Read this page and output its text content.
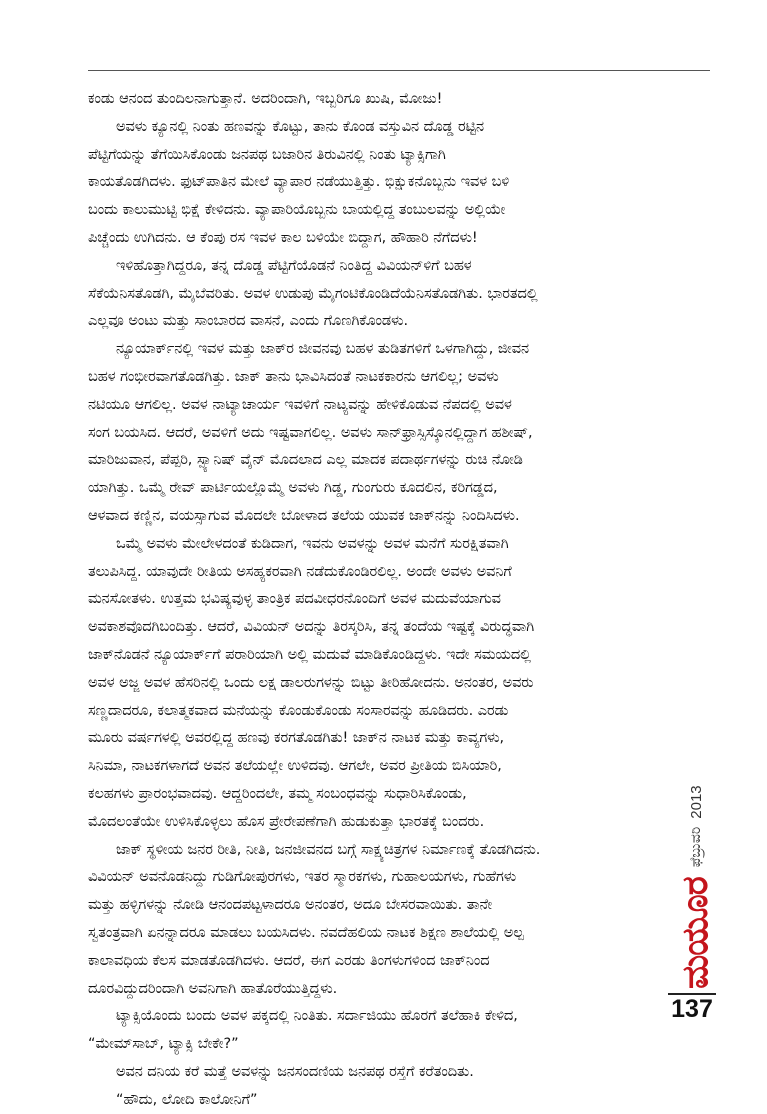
ಕಂಡು ಆನಂದ ತುಂದಿಲನಾಗುತ್ತಾನೆ. ಅದರಿಂದಾಗಿ, ಇಬ್ಬರಿಗೂ ಖುಷಿ, ಮೋಜು!
ಅವಳು ಕ್ಯೂನಲ್ಲಿ ನಿಂತು ಹಣವನ್ನು ಕೊಟ್ಟು, ತಾನು ಕೊಂಡ ವಸ್ತುವಿನ ದೊಡ್ಡ ರಟ್ಟಿನ
ಪೆಟ್ಟಿಗೆಯನ್ನು ತೆಗೆಯಿಸಿಕೊಂಡು ಜನಪಥ ಬಜಾರಿನ ತಿರುವಿನಲ್ಲಿ ನಿಂತು ಟ್ಯಾಕ್ಸಿಗಾಗಿ
ಕಾಯತೊಡಗಿದಳು. ಫುಟ್‌ಪಾತಿನ ಮೇಲೆ ವ್ಯಾಪಾರ ನಡೆಯುತ್ತಿತ್ತು. ಭಿಕ್ಷುಕನೊಬ್ಬನು ಇವಳ ಬಳಿ
ಬಂದು ಕಾಲುಮುಟ್ಟಿ ಭಿಕ್ಷೆ ಕೇಳಿದನು. ವ್ಯಾಪಾರಿಯೊಬ್ಬನು ಬಾಯಲ್ಲಿದ್ದ ತಂಬುಲವನ್ನು ಅಲ್ಲಿಯೇ
ಪಿಚ್ಚೆಂದು ಉಗಿದನು. ಆ ಕೆಂಪು ರಸ ಇವಳ ಕಾಲ ಬಳಿಯೇ ಬಿದ್ದಾಗ, ಹೌಹಾರಿ ನೆಗೆದಳು!
ಇಳಿಹೊತ್ತಾಗಿದ್ದರೂ, ತನ್ನ ದೊಡ್ಡ ಪೆಟ್ಟಿಗೆಯೊಡನೆ ನಿಂತಿದ್ದ ವಿವಿಯನ್‌ಳಿಗೆ ಬಹಳ
ಸೆಕೆಯೆನಿಸತೊಡಗಿ, ಮೈಬೆವರಿತು. ಅವಳ ಉಡುಪು ಮೈಗಂಟಿಕೊಂಡಿದೆಯೆನಿಸತೊಡಗಿತು. ಭಾರತದಲ್ಲಿ
ಎಲ್ಲವೂ ಅಂಟು ಮತ್ತು ಸಾಂಬಾರದ ವಾಸನೆ, ಎಂದು ಗೊಣಗಿಕೊಂಡಳು.
ನ್ಯೂಯಾರ್ಕ್‌ನಲ್ಲಿ ಇವಳ ಮತ್ತು ಜಾಕ್‌ರ ಜೀವನವು ಬಹಳ ತುಡಿತಗಳಿಗೆ ಒಳಗಾಗಿದ್ದು, ಜೀವನ
ಬಹಳ ಗಂಭೀರವಾಗತೊಡಗಿತ್ತು. ಜಾಕ್ ತಾನು ಭಾವಿಸಿದಂತೆ ನಾಟಕಕಾರನು ಆಗಲಿಲ್ಲ; ಅವಳು
ನಟಿಯೂ ಆಗಲಿಲ್ಲ. ಅವಳ ನಾಟ್ಯಾಚಾರ್ಯ ಇವಳಿಗೆ ನಾಟ್ಯವನ್ನು ಹೇಳಿಕೊಡುವ ನೆಪದಲ್ಲಿ ಅವಳ
ಸಂಗ ಬಯಸಿದ. ಆದರೆ, ಅವಳಿಗೆ ಅದು ಇಷ್ಟವಾಗಲಿಲ್ಲ. ಅವಳು ಸಾನ್‌ಫ್ರಾಸ್ಸಿಸ್ಕೊನಲ್ಲಿದ್ದಾಗ ಹಶೀಷ್,
ಮಾರಿಜುವಾನ, ಪೆಪ್ಪರಿ, ಸ್ಪ್ಯಾನಿಷ್ ವೈನ್ ಮೊದಲಾದ ಎಲ್ಲ ಮಾದಕ ಪದಾರ್ಥಗಳನ್ನು ರುಚಿ ನೋಡಿ
ಯಾಗಿತ್ತು. ಒಮ್ಮೆ ರೇವ್ ಪಾರ್ಟಿಯಲ್ಲೊಮ್ಮೆ ಅವಳು ಗಿಡ್ಡ, ಗುಂಗುರು ಕೂದಲಿನ, ಕರಿಗಡ್ಡದ,
ಆಳವಾದ ಕಣ್ಣಿನ, ವಯಸ್ಸಾಗುವ ಮೊದಲೇ ಬೋಳಾದ ತಲೆಯ ಯುವಕ ಜಾಕ್‌ನನ್ನು ನಿಂದಿಸಿದಳು.
ಒಮ್ಮೆ ಅವಳು ಮೇಲೇಳದಂತೆ ಕುಡಿದಾಗ, ಇವನು ಅವಳನ್ನು ಅವಳ ಮನೆಗೆ ಸುರಕ್ಷಿತವಾಗಿ
ತಲುಪಿಸಿದ್ದ. ಯಾವುದೇ ರೀತಿಯ ಅಸಹ್ಯಕರವಾಗಿ ನಡೆದುಕೊಂಡಿರಲಿಲ್ಲ. ಅಂದೇ ಅವಳು ಅವನಿಗೆ
ಮನಸೋತಳು. ಉತ್ತಮ ಭವಿಷ್ಯವುಳ್ಳ ತಾಂತ್ರಿಕ ಪದವೀಧರನೊಂದಿಗೆ ಅವಳ ಮದುವೆಯಾಗುವ
ಅವಕಾಶವೊದಗಿಬಂದಿತ್ತು. ಆದರೆ, ವಿವಿಯನ್ ಅದನ್ನು ತಿರಸ್ಕರಿಸಿ, ತನ್ನ ತಂದೆಯ ಇಷ್ಟಕ್ಕೆ ವಿರುದ್ಧವಾಗಿ
ಜಾಕ್‌ನೊಡನೆ ನ್ಯೂಯಾರ್ಕ್‌ಗೆ ಪರಾರಿಯಾಗಿ ಅಲ್ಲಿ ಮದುವೆ ಮಾಡಿಕೊಂಡಿದ್ದಳು. ಇದೇ ಸಮಯದಲ್ಲಿ
ಅವಳ ಅಜ್ಜ ಅವಳ ಹೆಸರಿನಲ್ಲಿ ಒಂದು ಲಕ್ಷ ಡಾಲರುಗಳನ್ನು ಬಿಟ್ಟು ತೀರಿಹೋದನು. ಅನಂತರ, ಅವರು
ಸಣ್ಣದಾದರೂ, ಕಲಾತ್ಮಕವಾದ ಮನೆಯನ್ನು ಕೊಂಡುಕೊಂಡು ಸಂಸಾರವನ್ನು ಹೂಡಿದರು. ಎರಡು
ಮೂರು ವರ್ಷಗಳಲ್ಲಿ ಅವರಲ್ಲಿದ್ದ ಹಣವು ಕರಗತೊಡಗಿತು! ಜಾಕ್‌ನ ನಾಟಕ ಮತ್ತು ಕಾವ್ಯಗಳು,
ಸಿನಿಮಾ, ನಾಟಕಗಳಾಗದೆ ಅವನ ತಲೆಯಲ್ಲೇ ಉಳಿದವು. ಆಗಲೇ, ಅವರ ಪ್ರೀತಿಯ ಬಿಸಿಯಾರಿ,
ಕಲಹಗಳು ಪ್ರಾರಂಭವಾದವು. ಆದ್ದರಿಂದಲೇ, ತಮ್ಮ ಸಂಬಂಧವನ್ನು ಸುಧಾರಿಸಿಕೊಂಡು,
ಮೊದಲಂತೆಯೇ ಉಳಿಸಿಕೊಳ್ಳಲು ಹೊಸ ಪ್ರೇರೇಪಣೆಗಾಗಿ ಹುಡುಕುತ್ತಾ ಭಾರತಕ್ಕೆ ಬಂದರು.
ಜಾಕ್ ಸ್ಥಳೀಯ ಜನರ ರೀತಿ, ನೀತಿ, ಜನಜೀವನದ ಬಗ್ಗೆ ಸಾಕ್ಷ್ಯಚಿತ್ರಗಳ ನಿರ್ಮಾಣಕ್ಕೆ ತೊಡಗಿದನು.
ವಿವಿಯನ್ ಅವನೊಡನಿದ್ದು ಗುಡಿಗೋಪುರಗಳು, ಇತರ ಸ್ಮಾರಕಗಳು, ಗುಹಾಲಯಗಳು, ಗುಹೆಗಳು
ಮತ್ತು ಹಳ್ಳಿಗಳನ್ನು ನೋಡಿ ಆನಂದಪಟ್ಟಳಾದರೂ ಅನಂತರ, ಅದೂ ಬೇಸರವಾಯಿತು. ತಾನೇ
ಸ್ವತಂತ್ರವಾಗಿ ಏನನ್ನಾದರೂ ಮಾಡಲು ಬಯಸಿದಳು. ನವದೆಹಲಿಯ ನಾಟಕ ಶಿಕ್ಷಣ ಶಾಲೆಯಲ್ಲಿ ಅಲ್ಪ
ಕಾಲಾವಧಿಯ ಕೆಲಸ ಮಾಡತೊಡಗಿದಳು. ಆದರೆ, ಈಗ ಎರಡು ತಿಂಗಳುಗಳಿಂದ ಜಾಕ್‌ನಿಂದ
ದೂರವಿದ್ದುದರಿಂದಾಗಿ ಅವನಿಗಾಗಿ ಹಾತೊರೆಯುತ್ತಿದ್ದಳು.
ಟ್ಯಾಕ್ಸಿಯೊಂದು ಬಂದು ಅವಳ ಪಕ್ಕದಲ್ಲಿ ನಿಂತಿತು. ಸರ್ದಾಜಿಯು ಹೊರಗೆ ತಲೆಹಾಕಿ ಕೇಳಿದ,
“ಮೇಮ್‌ಸಾಬ್, ಟ್ಯಾಕ್ಸಿ ಬೇಕೇ?”
ಅವನ ದನಿಯ ಕರೆ ಮತ್ತೆ ಅವಳನ್ನು ಜನಸಂದಣಿಯ ಜನಪಥ ರಸ್ತೆಗೆ ಕರೆತಂದಿತು.
“ಹೌದು, ಲೋದಿ ಕಾಲೋನಿಗೆ”
ಮಯೂರ
ಫೆಬ್ರುವರಿ
2013
137
